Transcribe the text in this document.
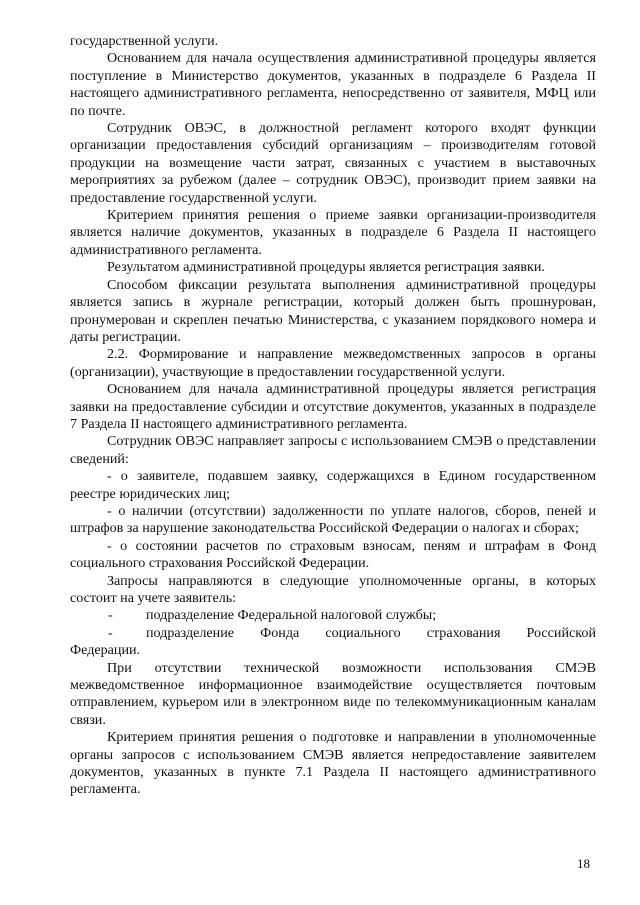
государственной услуги.

Основанием для начала осуществления административной процедуры является поступление в Министерство документов, указанных в подразделе 6 Раздела II настоящего административного регламента, непосредственно от заявителя, МФЦ или по почте.

Сотрудник ОВЭС, в должностной регламент которого входят функции организации предоставления субсидий организациям – производителям готовой продукции на возмещение части затрат, связанных с участием в выставочных мероприятиях за рубежом (далее – сотрудник ОВЭС), производит прием заявки на предоставление государственной услуги.

Критерием принятия решения о приеме заявки организации-производителя является наличие документов, указанных в подразделе 6 Раздела II настоящего административного регламента.

Результатом административной процедуры является регистрация заявки.

Способом фиксации результата выполнения административной процедуры является запись в журнале регистрации, который должен быть прошнурован, пронумерован и скреплен печатью Министерства, с указанием порядкового номера и даты регистрации.

2.2. Формирование и направление межведомственных запросов в органы (организации), участвующие в предоставлении государственной услуги.

Основанием для начала административной процедуры является регистрация заявки на предоставление субсидии и отсутствие документов, указанных в подразделе 7 Раздела II настоящего административного регламента.

Сотрудник ОВЭС направляет запросы с использованием СМЭВ о представлении сведений:

- о заявителе, подавшем заявку, содержащихся в Едином государственном реестре юридических лиц;

- о наличии (отсутствии) задолженности по уплате налогов, сборов, пеней и штрафов за нарушение законодательства Российской Федерации о налогах и сборах;

- о состоянии расчетов по страховым взносам, пеням и штрафам в Фонд социального страхования Российской Федерации.

Запросы направляются в следующие уполномоченные органы, в которых состоит на учете заявитель:

- подразделение Федеральной налоговой службы;
- подразделение Фонда социального страхования Российской

Федерации.

При отсутствии технической возможности использования СМЭВ межведомственное информационное взаимодействие осуществляется почтовым отправлением, курьером или в электронном виде по телекоммуникационным каналам связи.

Критерием принятия решения о подготовке и направлении в уполномоченные органы запросов с использованием СМЭВ является непредоставление заявителем документов, указанных в пункте 7.1 Раздела II настоящего административного регламента.

18
